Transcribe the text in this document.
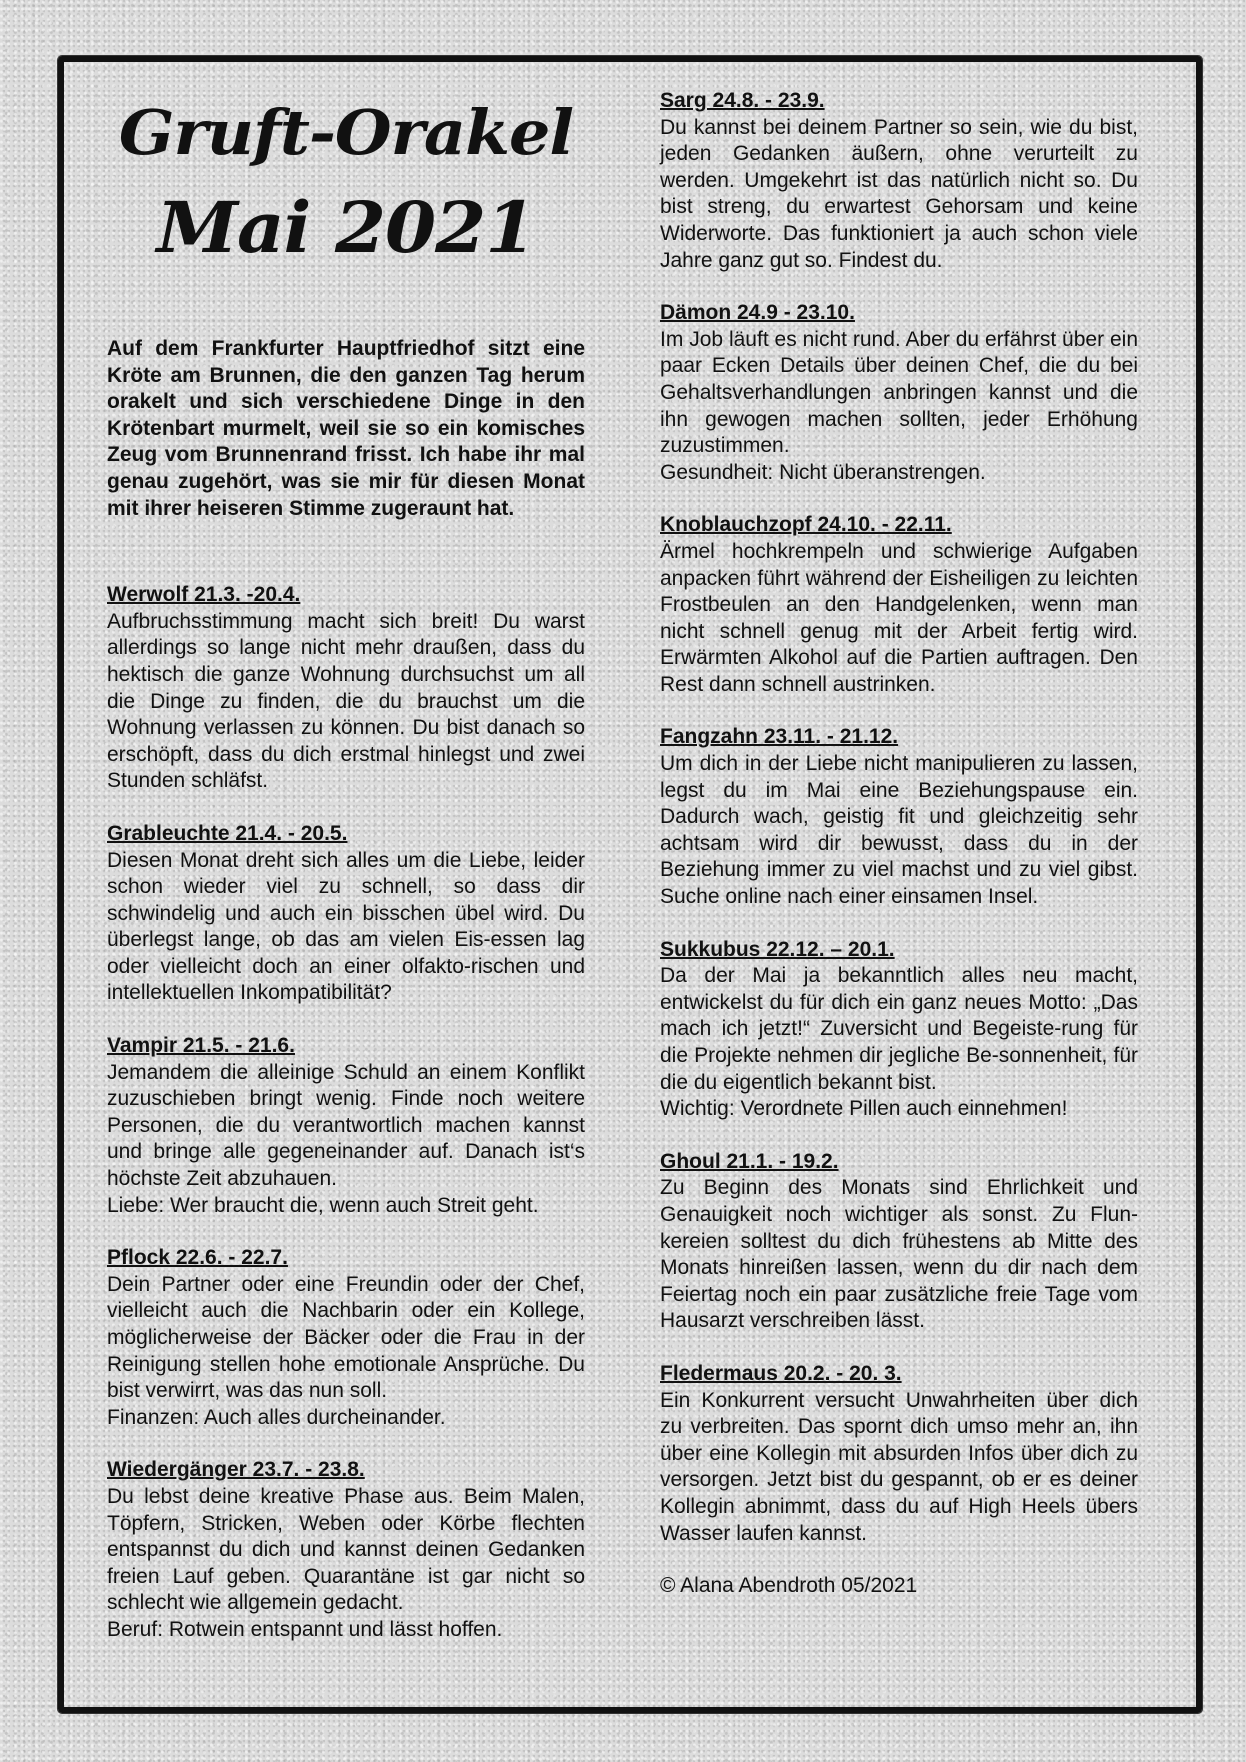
Gruft-Orakel
Mai 2021
Auf dem Frankfurter Hauptfriedhof sitzt eine Kröte am Brunnen, die den ganzen Tag herum orakelt und sich verschiedene Dinge in den Krötenbart murmelt, weil sie so ein komisches Zeug vom Brunnenrand frisst. Ich habe ihr mal genau zugehört, was sie mir für diesen Monat mit ihrer heiseren Stimme zugeraunt hat.
Werwolf 21.3. -20.4.
Aufbruchsstimmung macht sich breit! Du warst allerdings so lange nicht mehr draußen, dass du hektisch die ganze Wohnung durchsuchst um all die Dinge zu finden, die du brauchst um die Wohnung verlassen zu können. Du bist danach so erschöpft, dass du dich erstmal hinlegst und zwei Stunden schläfst.
Grableuchte 21.4. - 20.5.
Diesen Monat dreht sich alles um die Liebe, leider schon wieder viel zu schnell, so dass dir schwindelig und auch ein bisschen übel wird. Du überlegst lange, ob das am vielen Eis-essen lag oder vielleicht doch an einer olfakto-rischen und intellektuellen Inkompatibilität?
Vampir 21.5. - 21.6.
Jemandem die alleinige Schuld an einem Konflikt zuzuschieben bringt wenig. Finde noch weitere Personen, die du verantwortlich machen kannst und bringe alle gegeneinander auf. Danach ist‘s höchste Zeit abzuhauen.
Liebe: Wer braucht die, wenn auch Streit geht.
Pflock 22.6. - 22.7.
Dein Partner oder eine Freundin oder der Chef, vielleicht auch die Nachbarin oder ein Kollege, möglicherweise der Bäcker oder die Frau in der Reinigung stellen hohe emotionale Ansprüche. Du bist verwirrt, was das nun soll.
Finanzen: Auch alles durcheinander.
Wiedergänger 23.7. - 23.8.
Du lebst deine kreative Phase aus. Beim Malen, Töpfern, Stricken, Weben oder Körbe flechten entspannst du dich und kannst deinen Gedanken freien Lauf geben. Quarantäne ist gar nicht so schlecht wie allgemein gedacht.
Beruf: Rotwein entspannt und lässt hoffen.
Sarg 24.8. - 23.9.
Du kannst bei deinem Partner so sein, wie du bist, jeden Gedanken äußern, ohne verurteilt zu werden. Umgekehrt ist das natürlich nicht so. Du bist streng, du erwartest Gehorsam und keine Widerworte. Das funktioniert ja auch schon viele Jahre ganz gut so. Findest du.
Dämon 24.9 - 23.10.
Im Job läuft es nicht rund. Aber du erfährst über ein paar Ecken Details über deinen Chef, die du bei Gehaltsverhandlungen anbringen kannst und die ihn gewogen machen sollten, jeder Erhöhung zuzustimmen.
Gesundheit: Nicht überanstrengen.
Knoblauchzopf 24.10. - 22.11.
Ärmel hochkrempeln und schwierige Aufgaben anpacken führt während der Eisheiligen zu leichten Frostbeulen an den Handgelenken, wenn man nicht schnell genug mit der Arbeit fertig wird. Erwärmten Alkohol auf die Partien auftragen. Den Rest dann schnell austrinken.
Fangzahn 23.11. - 21.12.
Um dich in der Liebe nicht manipulieren zu lassen, legst du im Mai eine Beziehungspause ein. Dadurch wach, geistig fit und gleichzeitig sehr achtsam wird dir bewusst, dass du in der Beziehung immer zu viel machst und zu viel gibst. Suche online nach einer einsamen Insel.
Sukkubus 22.12. – 20.1.
Da der Mai ja bekanntlich alles neu macht, entwickelst du für dich ein ganz neues Motto: „Das mach ich jetzt!“ Zuversicht und Begeiste-rung für die Projekte nehmen dir jegliche Be-sonnenheit, für die du eigentlich bekannt bist.
Wichtig: Verordnete Pillen auch einnehmen!
Ghoul 21.1. - 19.2.
Zu Beginn des Monats sind Ehrlichkeit und Genauigkeit noch wichtiger als sonst. Zu Flun-kereien solltest du dich frühestens ab Mitte des Monats hinreißen lassen, wenn du dir nach dem Feiertag noch ein paar zusätzliche freie Tage vom Hausarzt verschreiben lässt.
Fledermaus 20.2. - 20. 3.
Ein Konkurrent versucht Unwahrheiten über dich zu verbreiten. Das spornt dich umso mehr an, ihn über eine Kollegin mit absurden Infos über dich zu versorgen. Jetzt bist du gespannt, ob er es deiner Kollegin abnimmt, dass du auf High Heels übers Wasser laufen kannst.
© Alana Abendroth 05/2021
